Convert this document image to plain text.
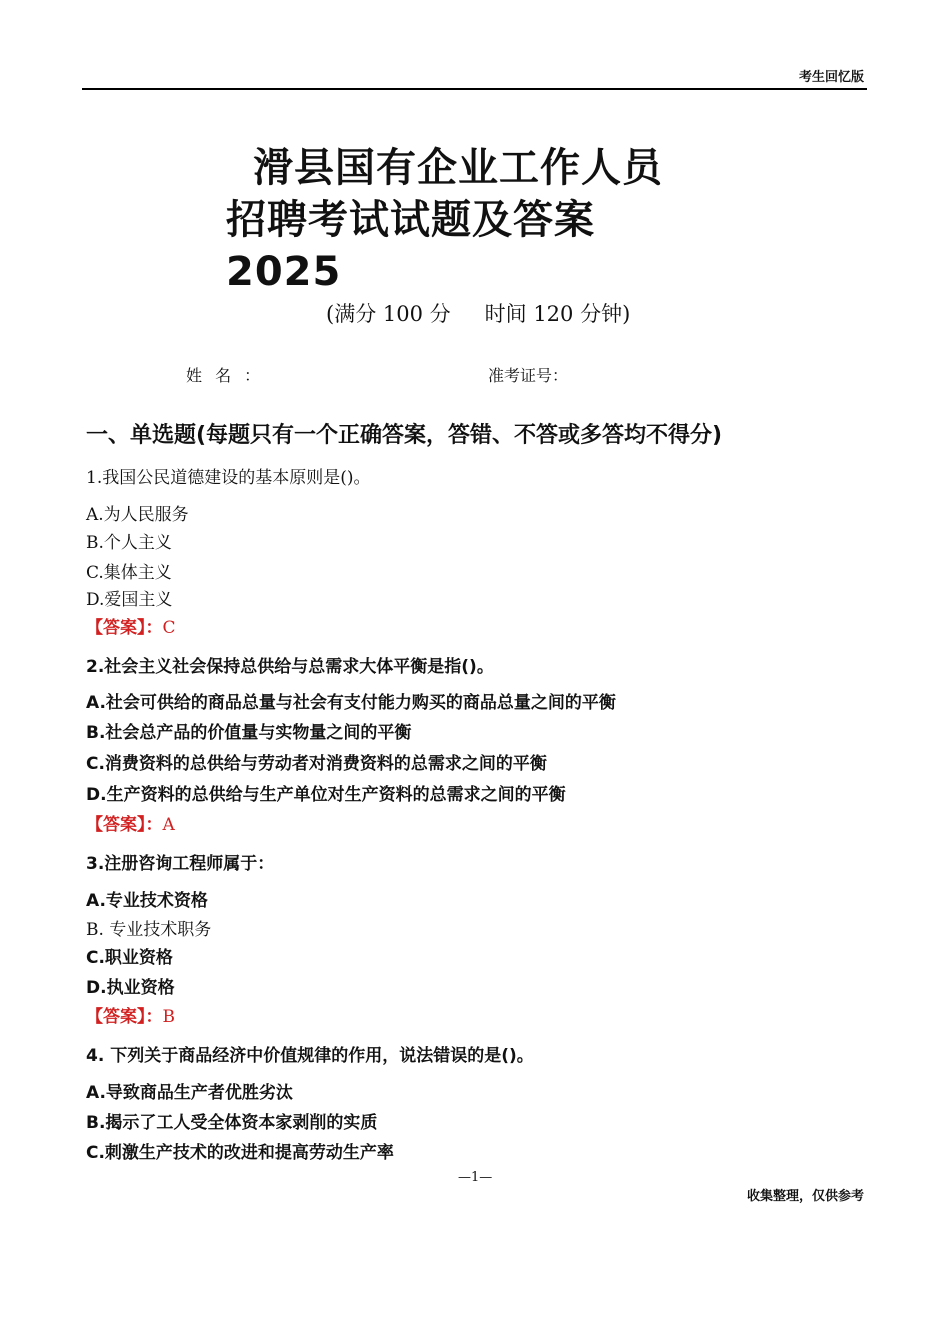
考生回忆版
滑县国有企业工作人员
招聘考试试题及答案
2025
(满分 100 分 时间 120 分钟)
姓 名 ：	准考证号：
一、单选题(每题只有一个正确答案，答错、不答或多答均不得分)
1.我国公民道德建设的基本原则是()。
A.为人民服务
B.个人主义
C.集体主义
D.爱国主义
【答案】：C
2.社会主义社会保持总供给与总需求大体平衡是指()。
A.社会可供给的商品总量与社会有支付能力购买的商品总量之间的平衡
B.社会总产品的价值量与实物量之间的平衡
C.消费资料的总供给与劳动者对消费资料的总需求之间的平衡
D.生产资料的总供给与生产单位对生产资料的总需求之间的平衡
【答案】：A
3.注册咨询工程师属于：
A.专业技术资格
B. 专业技术职务
C.职业资格
D.执业资格
【答案】：B
4. 下列关于商品经济中价值规律的作用，说法错误的是()。
A.导致商品生产者优胜劣汰
B.揭示了工人受全体资本家剥削的实质
C.刺激生产技术的改进和提高劳动生产率
—1—
收集整理，仅供参考
